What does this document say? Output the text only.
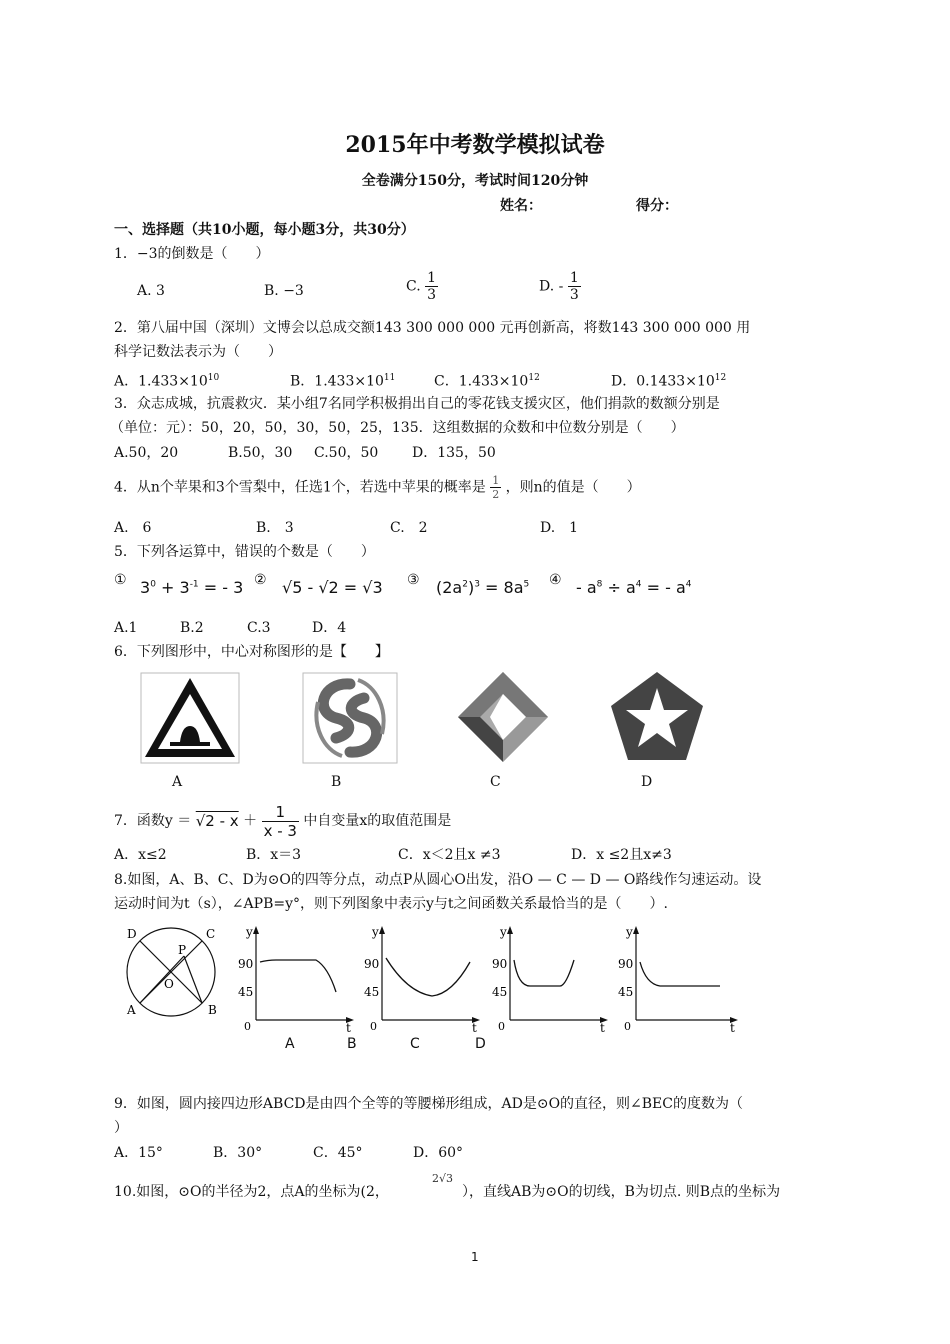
2015年中考数学模拟试卷
全卷满分150分，考试时间120分钟
姓名：	得分：
一、选择题（共10小题，每小题3分，共30分）
1．−3的倒数是（　　）
A. 3	B. −3	C. $\frac{1}{3}$	D. - $\frac{1}{3}$
2．第八届中国（深圳）文博会以总成交额143 300 000 000 元再创新高，将数143 300 000 000 用
科学记数法表示为（　　）
A．$1.433\times 10^{10}$	B．$1.433\times 10^{11}$	C．$1.433\times 10^{12}$	D．$0.1433\times 10^{12}$
3．众志成城，抗震救灾．某小组7名同学积极捐出自己的零花钱支援灾区，他们捐款的数额分别是
（单位：元）：50，20，50，30，50，25，135．这组数据的众数和中位数分别是（　　）
A.50，20	B.50，30 C.50，50 D．135，50
4．从n个苹果和3个雪梨中，任选1个，若选中苹果的概率是 $\frac{1}{2}$ ，则n的值是（　　）
A.　6	B.　3	C.　2	D.　1
5．下列各运算中，错误的个数是（　　）
① $3^0 + 3^{-1}$ = - 3 ② √5 - √2 = √3 ③ $(2a^2)^3 = 8a^5$ ④ - $a^8 \div a^4$ = - $a^4$
A.1	B.2	C.3	D．4
6．下列图形中，中心对称图形的是【　　】
A	B	C	D
7．函数$y = √2 - x + \frac{1}{x - 3}$ 中自变量x的取值范围是
A．x≤2	B．x＝3	C．x＜2且x ≠3	D．x ≤2且x≠3
8.如图，A、B、C、D为⊙O的四等分点，动点P从圆心O出发，沿O — C — D — O路线作匀速运动。设
运动时间为t（s），∠APB=y°，则下列图象中表示y与t之间函数关系最恰当的是（　　）.
D	C
P
O
A	B
y
t
0
90
45
y
t
0
90
45
y
t
0
90
45
y
t
0
90
45
A	B	C	D
9．如图，圆内接四边形ABCD是由四个全等的等腰梯形组成，AD是⊙O的直径，则∠BEC的度数为（
）
A．15°	B．30°	C．45°	D．60°
10.如图，⊙O的半径为2，点A的坐标为(2，
2√3
），直线AB为⊙O的切线，B为切点. 则B点的坐标为
1
